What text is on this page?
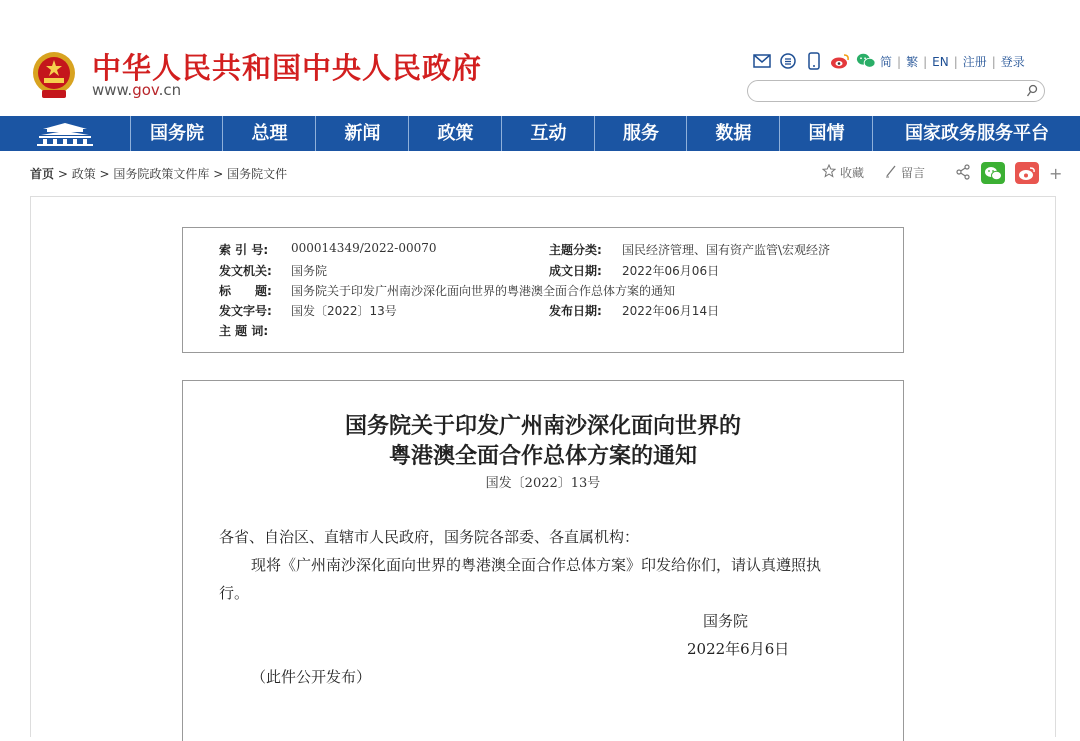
中华人民共和国中央人民政府
www.gov.cn
简 | 繁 | EN | 注册 | 登录
国务院	总理	新闻	政策	互动	服务	数据	国情	国家政务服务平台
首页 > 政策 > 国务院政策文件库 > 国务院文件	收藏	留言	+
索 引 号: 000014349/2022-00070	主题分类: 国民经济管理、国有资产监管\宏观经济
发文机关: 国务院	成文日期: 2022年06月06日
标　　题: 国务院关于印发广州南沙深化面向世界的粤港澳全面合作总体方案的通知
发文字号: 国发〔2022〕13号	发布日期: 2022年06月14日
主 题 词:
国务院关于印发广州南沙深化面向世界的
粤港澳全面合作总体方案的通知
国发〔2022〕13号
各省、自治区、直辖市人民政府，国务院各部委、各直属机构：
现将《广州南沙深化面向世界的粤港澳全面合作总体方案》印发给你们，请认真遵照执
行。
国务院
2022年6月6日
（此件公开发布）
